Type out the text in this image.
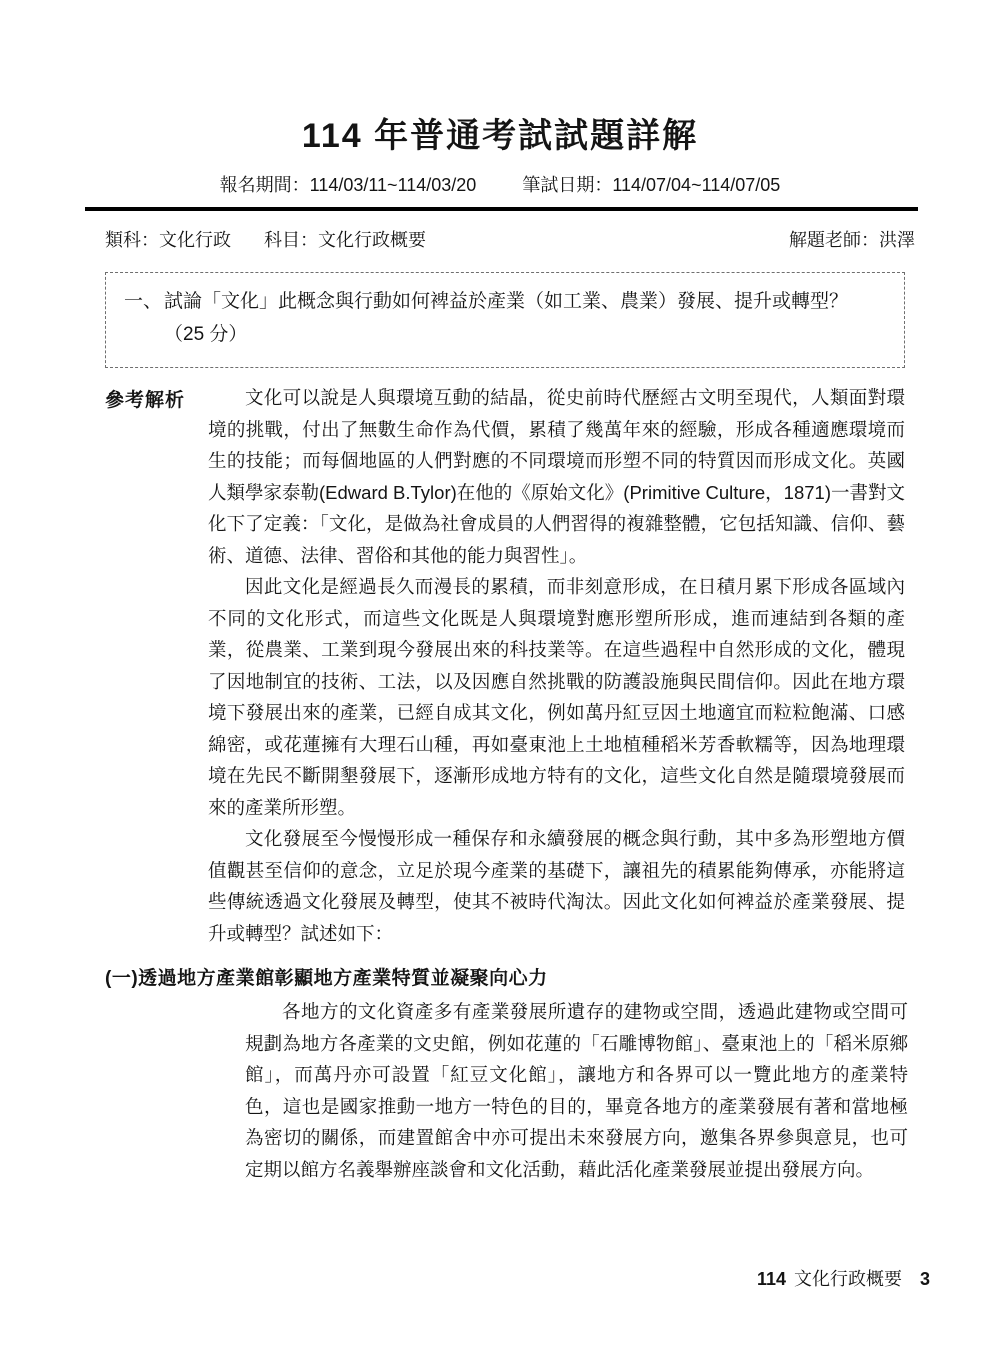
114 年普通考試試題詳解
報名期間：114/03/11~114/03/20	筆試日期：114/07/04~114/07/05
類科：文化行政 科目：文化行政概要	解題老師：洪澤
一、 試論「文化」此概念與行動如何裨益於產業（如工業、農業）發展、提升或轉型？
（25 分）
參考解析	文化可以說是人與環境互動的結晶，從史前時代歷經古文明至現代，人類面對環境的挑戰，付出了無數生命作為代價，累積了幾萬年來的經驗，形成各種適應環境而生的技能；而每個地區的人們對應的不同環境而形塑不同的特質因而形成文化。英國人類學家泰勒(Edward B.Tylor)在他的《原始文化》(Primitive Culture，1871)一書對文化下了定義：「文化，是做為社會成員的人們習得的複雜整體，它包括知識、信仰、藝術、道德、法律、習俗和其他的能力與習性」。

因此文化是經過長久而漫長的累積，而非刻意形成，在日積月累下形成各區域內不同的文化形式，而這些文化既是人與環境對應形塑所形成，進而連結到各類的產業，從農業、工業到現今發展出來的科技業等。在這些過程中自然形成的文化，體現了因地制宜的技術、工法，以及因應自然挑戰的防護設施與民間信仰。因此在地方環境下發展出來的產業，已經自成其文化，例如萬丹紅豆因土地適宜而粒粒飽滿、口感綿密，或花蓮擁有大理石山種，再如臺東池上土地植種稻米芳香軟糯等，因為地理環境在先民不斷開墾發展下，逐漸形成地方特有的文化，這些文化自然是隨環境發展而來的產業所形塑。

文化發展至今慢慢形成一種保存和永續發展的概念與行動，其中多為形塑地方價值觀甚至信仰的意念，立足於現今產業的基礎下，讓祖先的積累能夠傳承，亦能將這些傳統透過文化發展及轉型，使其不被時代淘汰。因此文化如何裨益於產業發展、提升或轉型？試述如下：

(一)透過地方產業館彰顯地方產業特質並凝聚向心力

各地方的文化資產多有產業發展所遺存的建物或空間，透過此建物或空間可規劃為地方各產業的文史館，例如花蓮的「石雕博物館」、臺東池上的「稻米原鄉館」，而萬丹亦可設置「紅豆文化館」，讓地方和各界可以一覽此地方的產業特色，這也是國家推動一地方一特色的目的，畢竟各地方的產業發展有著和當地極為密切的關係，而建置館舍中亦可提出未來發展方向，邀集各界參與意見，也可定期以館方名義舉辦座談會和文化活動，藉此活化產業發展並提出發展方向。

114 文化行政概要 3
